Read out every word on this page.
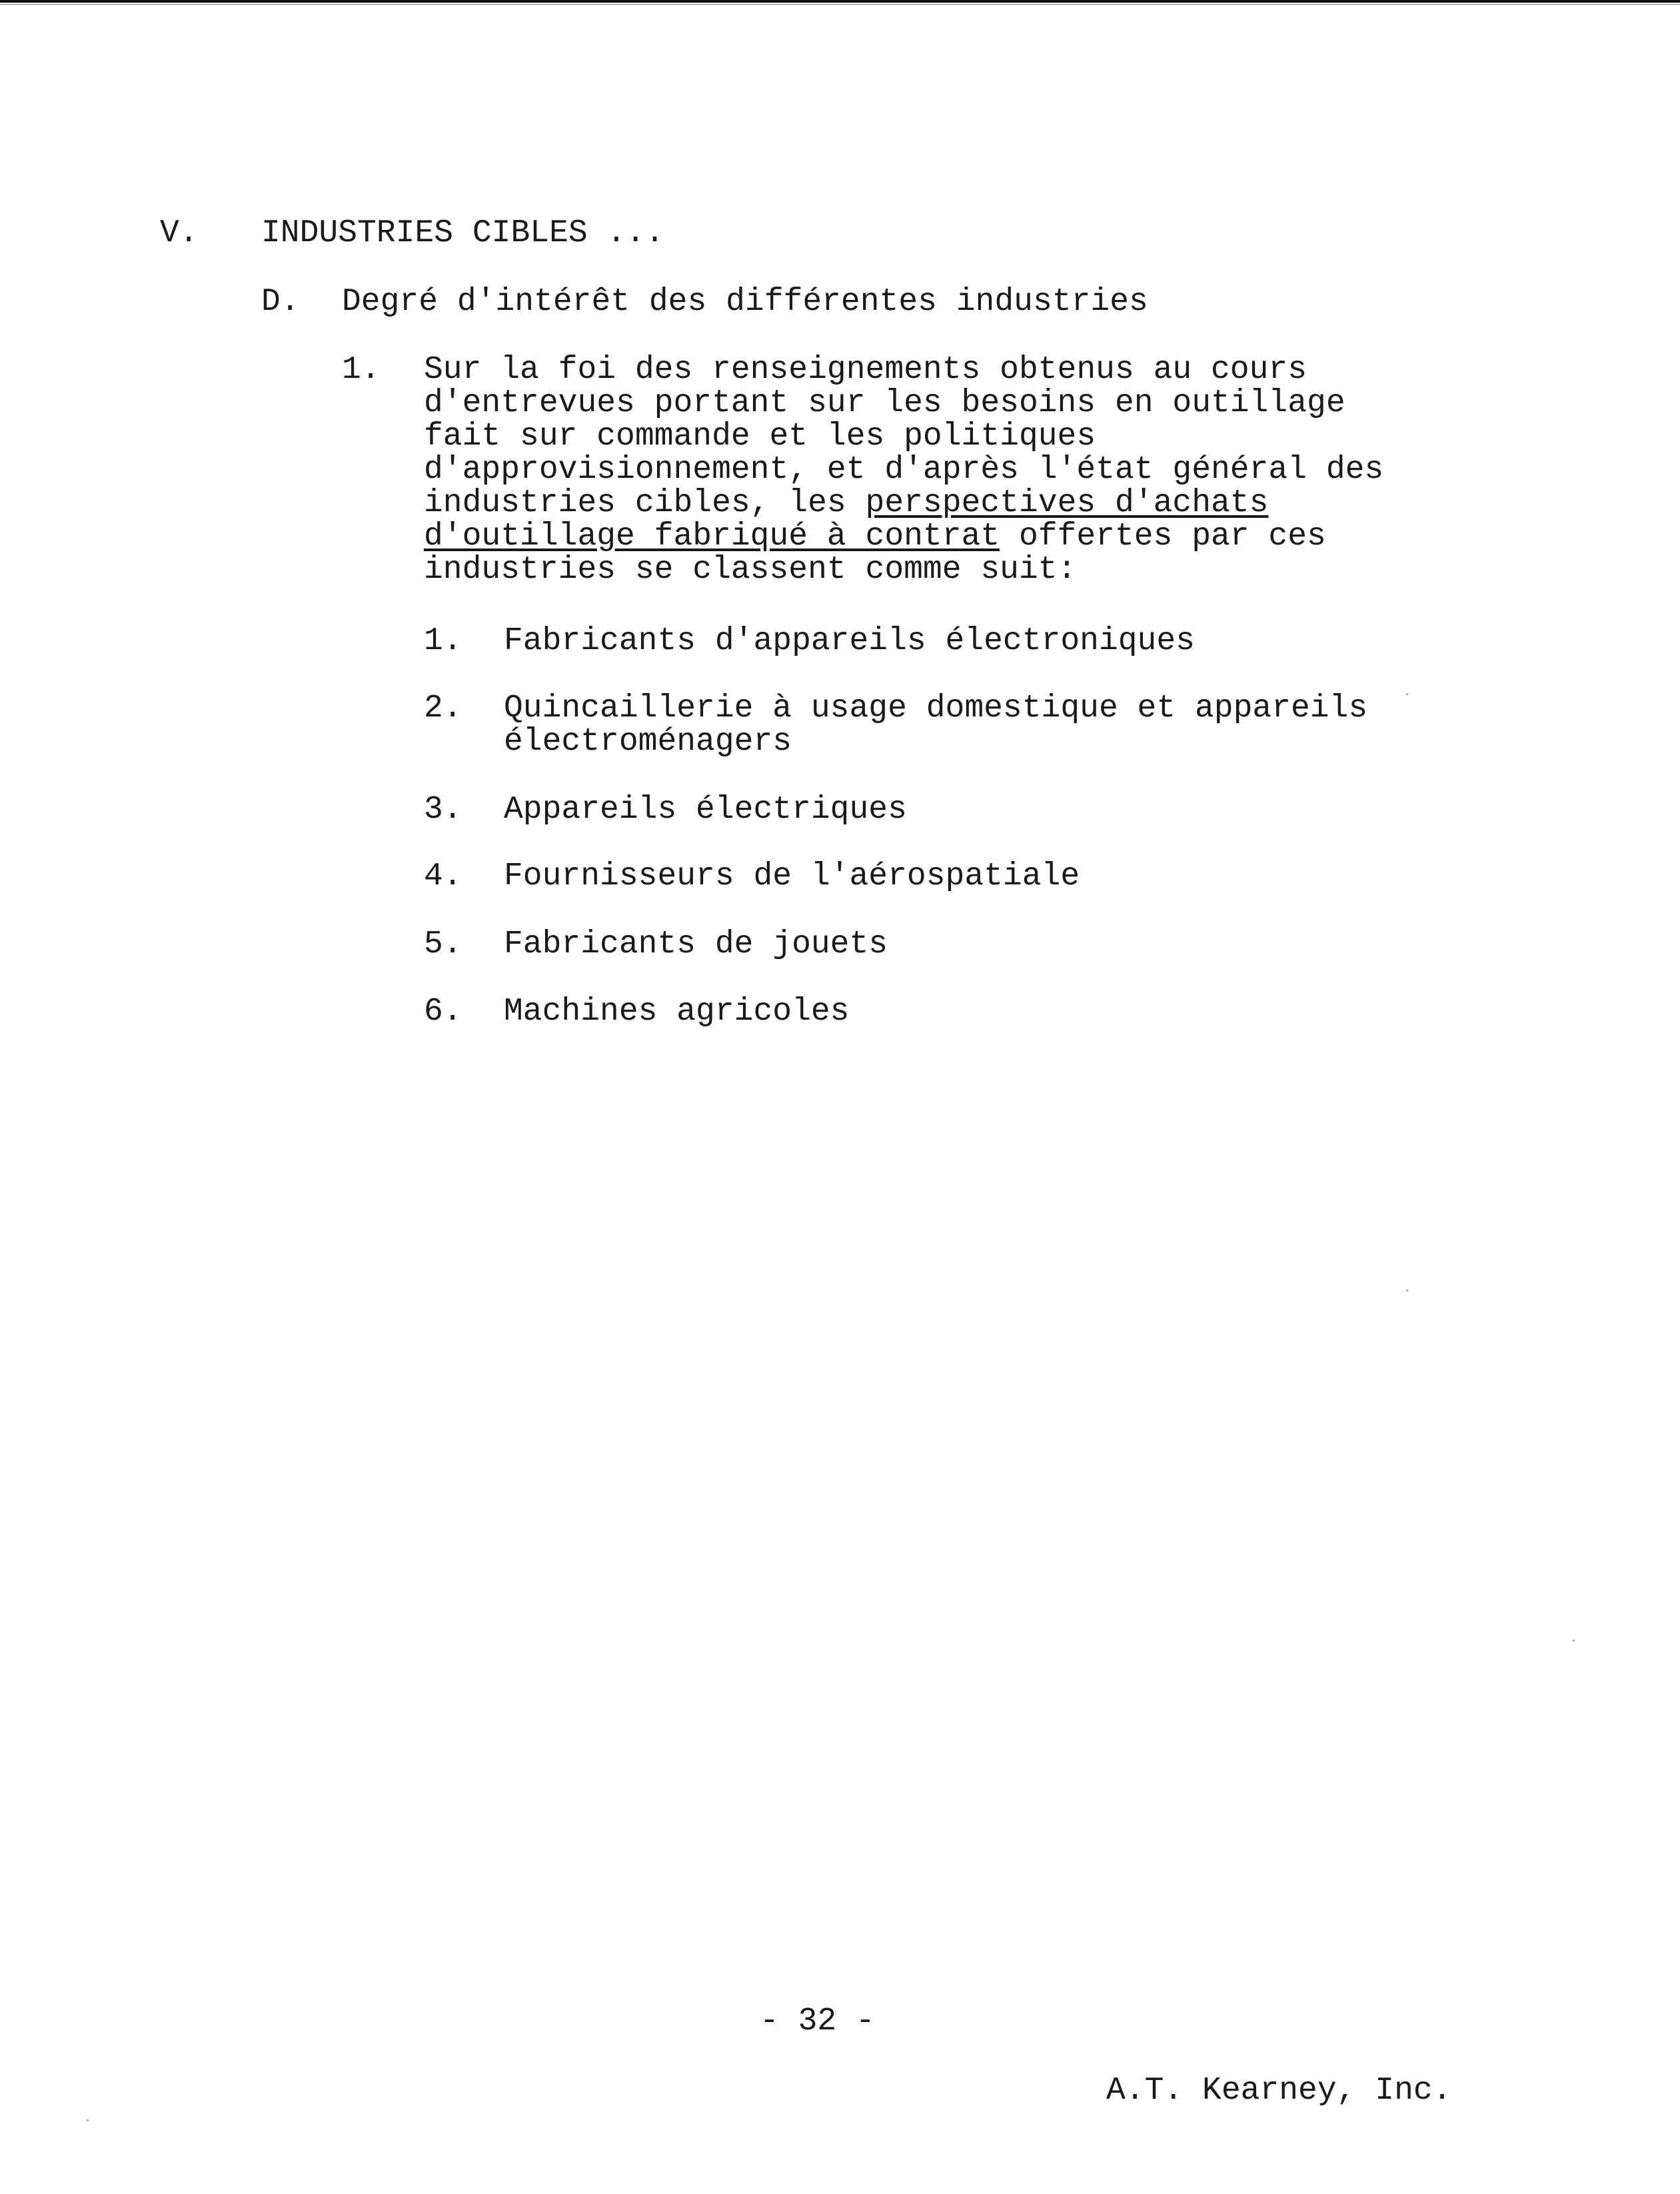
V. INDUSTRIES CIBLES ...
D. Degré d'intérêt des différentes industries
1. Sur la foi des renseignements obtenus au cours
d'entrevues portant sur les besoins en outillage
fait sur commande et les politiques
d'approvisionnement, et d'après l'état général des
industries cibles, les perspectives d'achats
d'outillage fabriqué à contrat offertes par ces
industries se classent comme suit:
1. Fabricants d'appareils électroniques
2. Quincaillerie à usage domestique et appareils
électroménagers
3. Appareils électriques
4. Fournisseurs de l'aérospatiale
5. Fabricants de jouets
6. Machines agricoles
- 32 -
A.T. Kearney, Inc.
